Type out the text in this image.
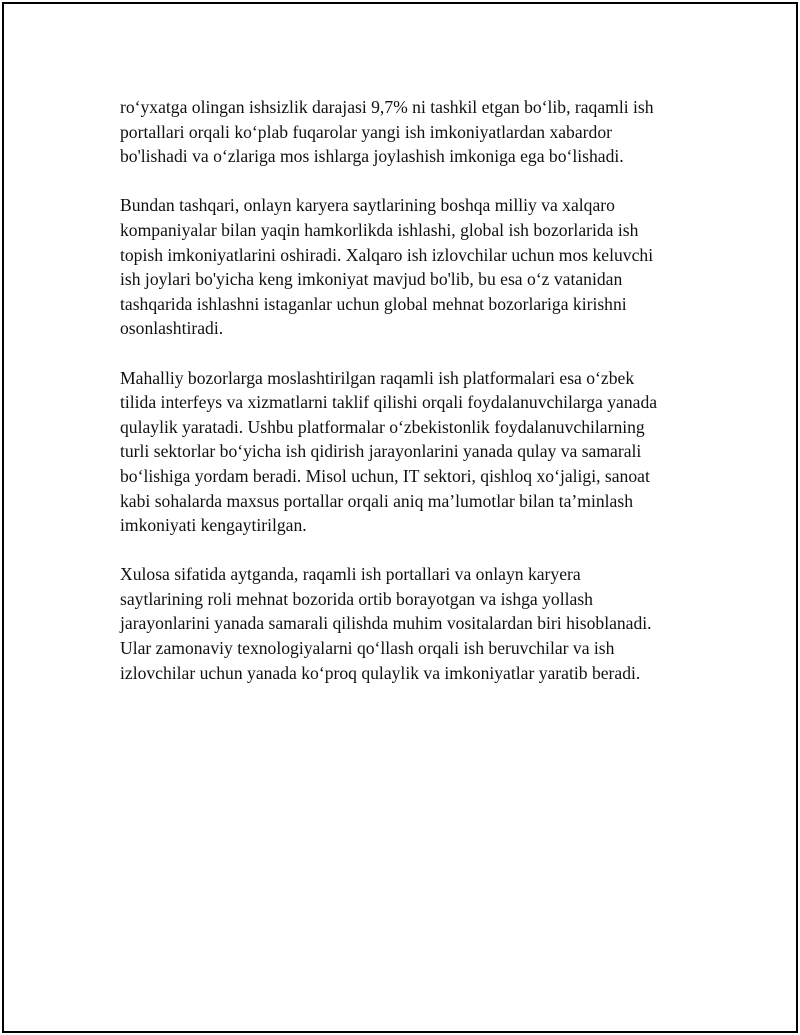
ro‘yxatga olingan ishsizlik darajasi 9,7% ni tashkil etgan bo‘lib, raqamli ish
portallari orqali ko‘plab fuqarolar yangi ish imkoniyatlardan xabardor
bo'lishadi va o‘zlariga mos ishlarga joylashish imkoniga ega bo‘lishadi.

Bundan tashqari, onlayn karyera saytlarining boshqa milliy va xalqaro
kompaniyalar bilan yaqin hamkorlikda ishlashi, global ish bozorlarida ish
topish imkoniyatlarini oshiradi. Xalqaro ish izlovchilar uchun mos keluvchi
ish joylari bo'yicha keng imkoniyat mavjud bo'lib, bu esa o‘z vatanidan
tashqarida ishlashni istaganlar uchun global mehnat bozorlariga kirishni
osonlashtiradi.

Mahalliy bozorlarga moslashtirilgan raqamli ish platformalari esa o‘zbek
tilida interfeys va xizmatlarni taklif qilishi orqali foydalanuvchilarga yanada
qulaylik yaratadi. Ushbu platformalar o‘zbekistonlik foydalanuvchilarning
turli sektorlar bo‘yicha ish qidirish jarayonlarini yanada qulay va samarali
bo‘lishiga yordam beradi. Misol uchun, IT sektori, qishloq xo‘jaligi, sanoat
kabi sohalarda maxsus portallar orqali aniq ma’lumotlar bilan ta’minlash
imkoniyati kengaytirilgan.

Xulosa sifatida aytganda, raqamli ish portallari va onlayn karyera
saytlarining roli mehnat bozorida ortib borayotgan va ishga yollash
jarayonlarini yanada samarali qilishda muhim vositalardan biri hisoblanadi.
Ular zamonaviy texnologiyalarni qo‘llash orqali ish beruvchilar va ish
izlovchilar uchun yanada ko‘proq qulaylik va imkoniyatlar yaratib beradi.
